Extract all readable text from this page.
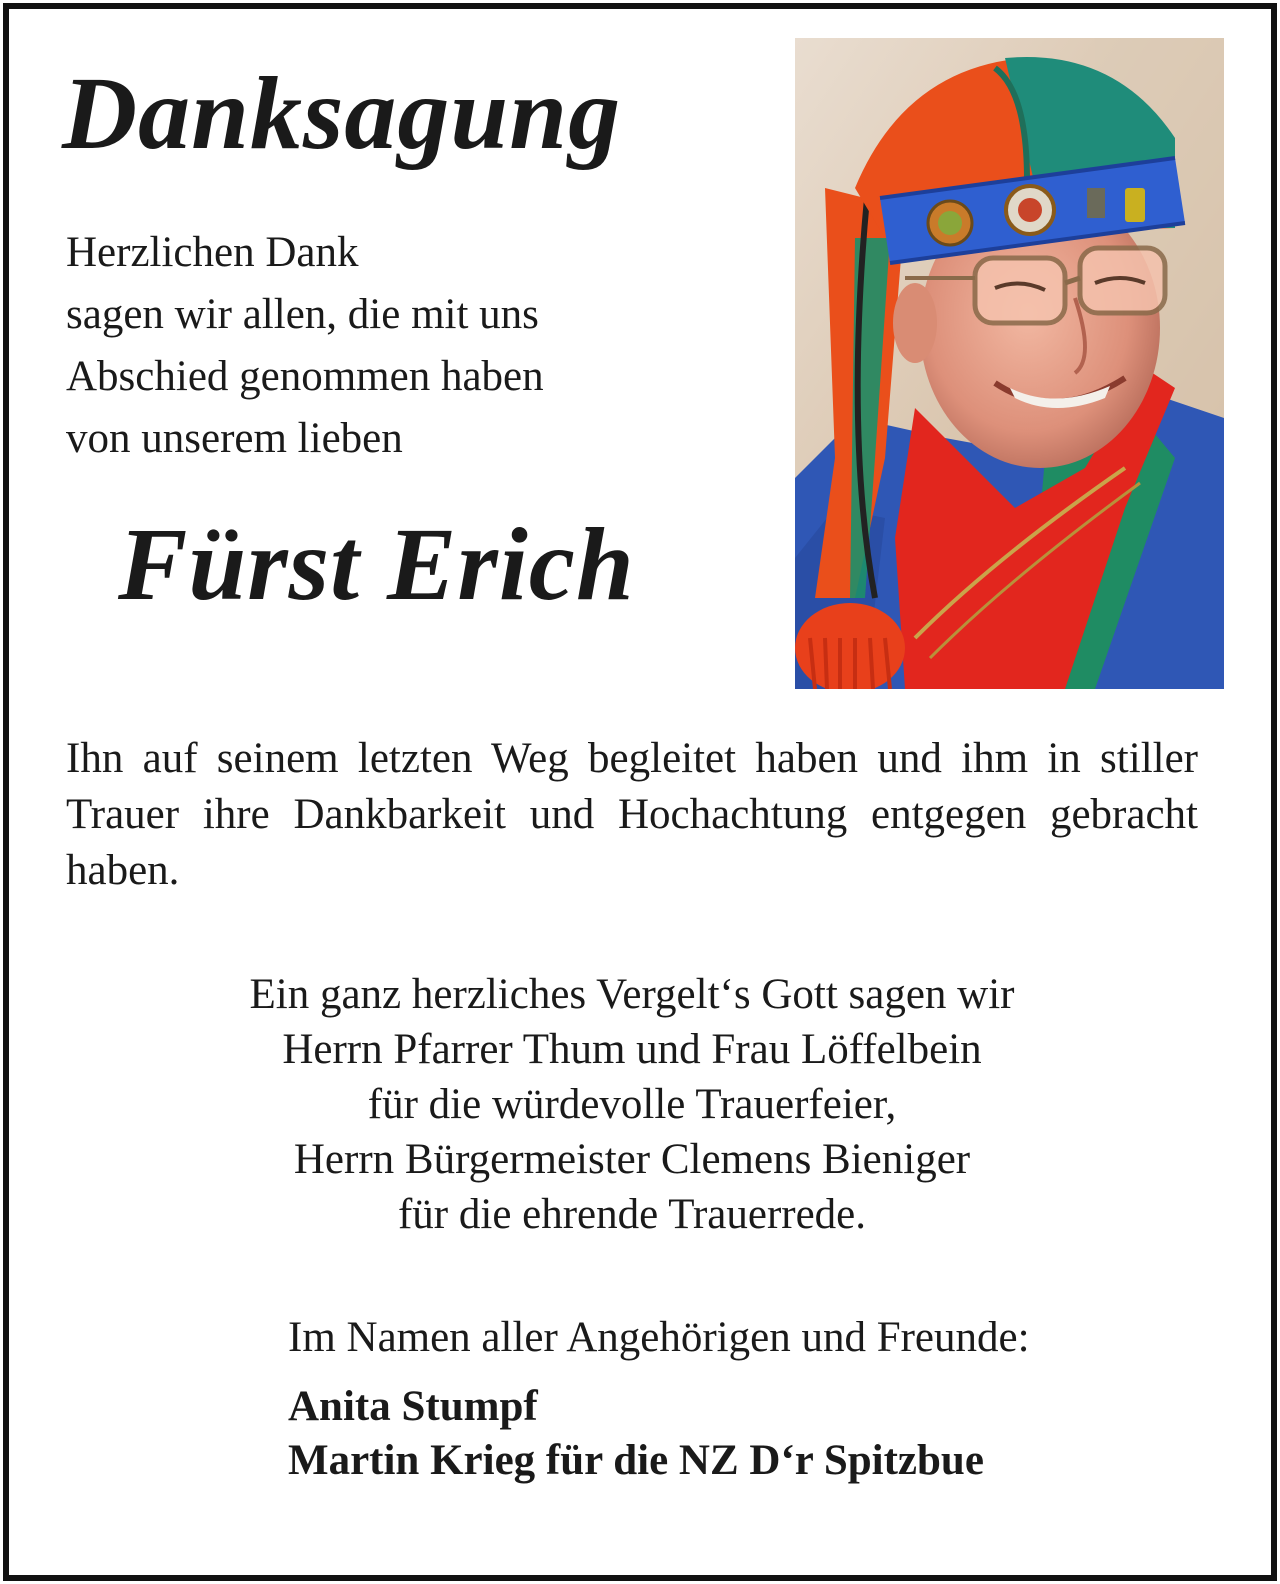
Danksagung
Herzlichen Dank
sagen wir allen, die mit uns
Abschied genommen haben
von unserem lieben
Fürst Erich
Ihn auf seinem letzten Weg begleitet haben und ihm in stiller Trauer ihre Dankbarkeit und Hochachtung entgegen gebracht haben.
Ein ganz herzliches Vergelt‘s Gott sagen wir
Herrn Pfarrer Thum und Frau Löffelbein
für die würdevolle Trauerfeier,
Herrn Bürgermeister Clemens Bieniger
für die ehrende Trauerrede.
Im Namen aller Angehörigen und Freunde:
Anita Stumpf
Martin Krieg für die NZ D‘r Spitzbue
